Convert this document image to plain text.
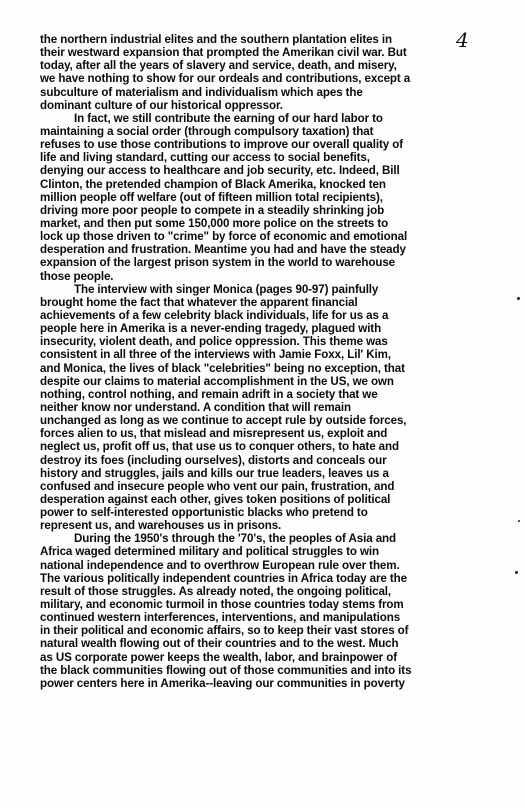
4
the northern industrial elites and the southern plantation elites in
their westward expansion that prompted the Amerikan civil war. But
today, after all the years of slavery and service, death, and misery,
we have nothing to show for our ordeals and contributions, except a
subculture of materialism and individualism which apes the
dominant culture of our historical oppressor.
In fact, we still contribute the earning of our hard labor to
maintaining a social order (through compulsory taxation) that
refuses to use those contributions to improve our overall quality of
life and living standard, cutting our access to social benefits,
denying our access to healthcare and job security, etc. Indeed, Bill
Clinton, the pretended champion of Black Amerika, knocked ten
million people off welfare (out of fifteen million total recipients),
driving more poor people to compete in a steadily shrinking job
market, and then put some 150,000 more police on the streets to
lock up those driven to "crime" by force of economic and emotional
desperation and frustration. Meantime you had and have the steady
expansion of the largest prison system in the world to warehouse
those people.
The interview with singer Monica (pages 90-97) painfully
brought home the fact that whatever the apparent financial
achievements of a few celebrity black individuals, life for us as a
people here in Amerika is a never-ending tragedy, plagued with
insecurity, violent death, and police oppression. This theme was
consistent in all three of the interviews with Jamie Foxx, Lil' Kim,
and Monica, the lives of black "celebrities" being no exception, that
despite our claims to material accomplishment in the US, we own
nothing, control nothing, and remain adrift in a society that we
neither know nor understand. A condition that will remain
unchanged as long as we continue to accept rule by outside forces,
forces alien to us, that mislead and misrepresent us, exploit and
neglect us, profit off us, that use us to conquer others, to hate and
destroy its foes (including ourselves), distorts and conceals our
history and struggles, jails and kills our true leaders, leaves us a
confused and insecure people who vent our pain, frustration, and
desperation against each other, gives token positions of political
power to self-interested opportunistic blacks who pretend to
represent us, and warehouses us in prisons.
During the 1950's through the '70's, the peoples of Asia and
Africa waged determined military and political struggles to win
national independence and to overthrow European rule over them.
The various politically independent countries in Africa today are the
result of those struggles. As already noted, the ongoing political,
military, and economic turmoil in those countries today stems from
continued western interferences, interventions, and manipulations
in their political and economic affairs, so to keep their vast stores of
natural wealth flowing out of their countries and to the west. Much
as US corporate power keeps the wealth, labor, and brainpower of
the black communities flowing out of those communities and into its
power centers here in Amerika--leaving our communities in poverty
